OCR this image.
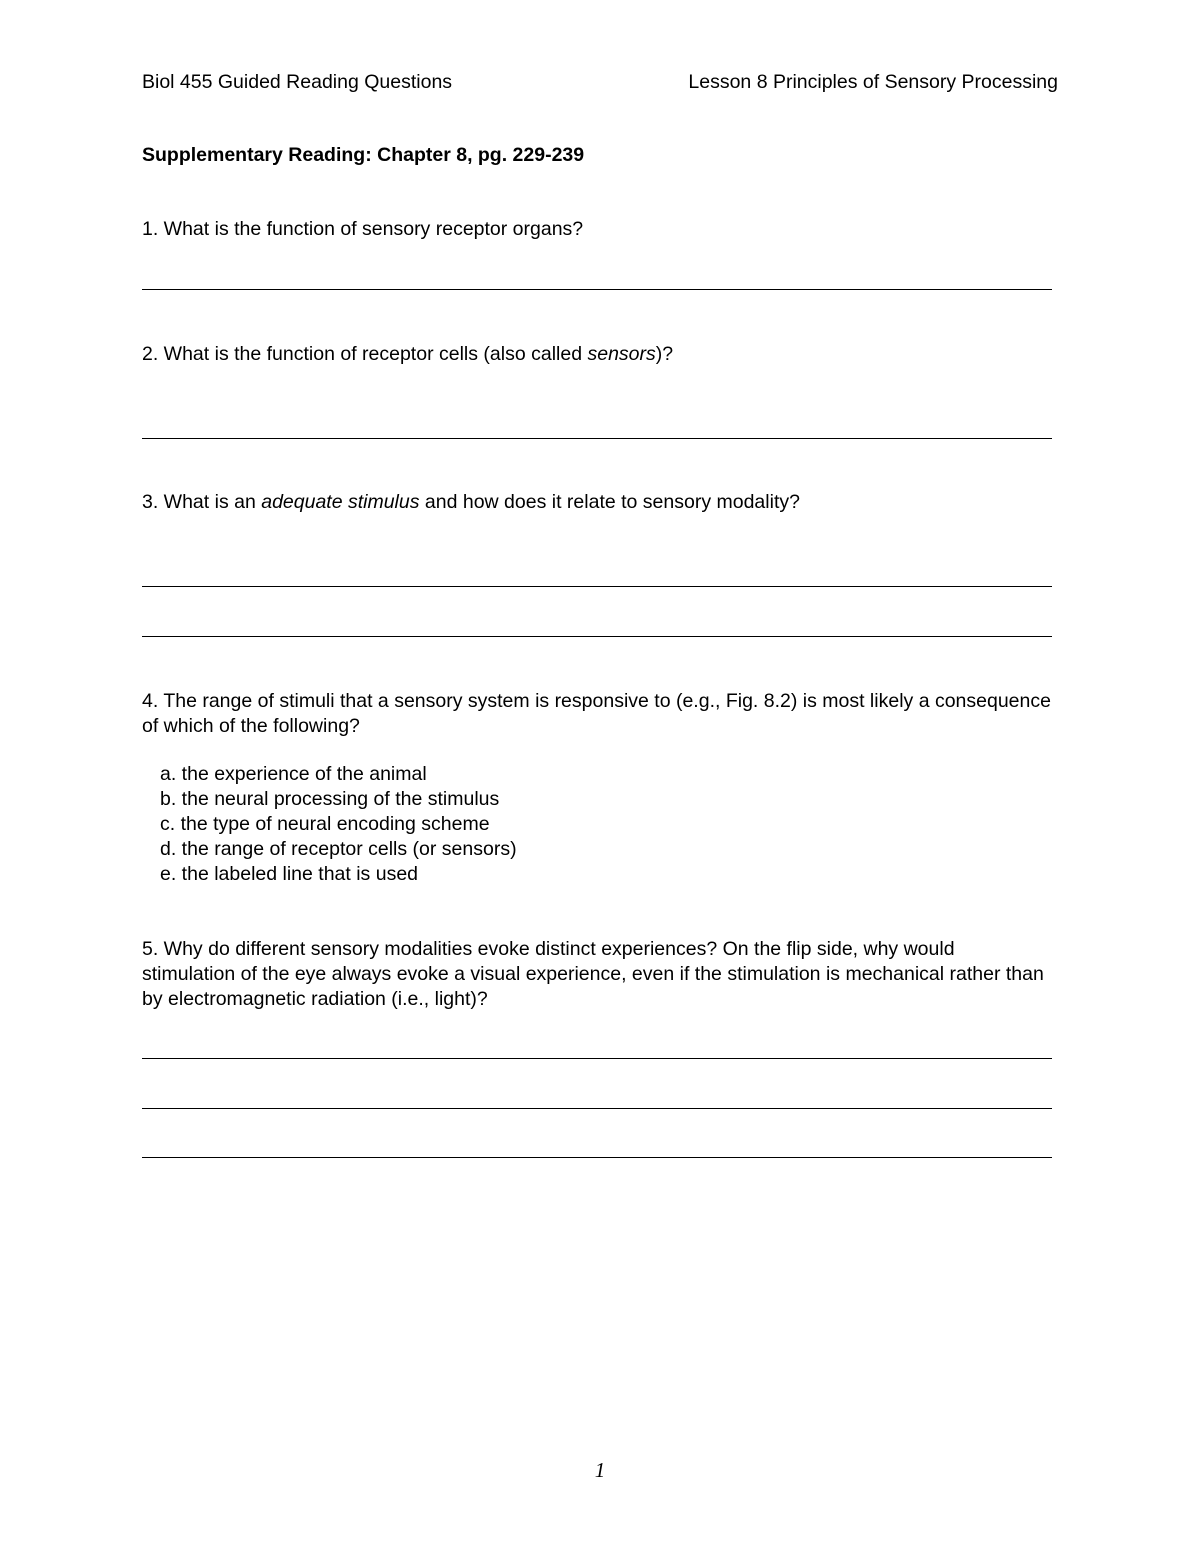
Biol 455 Guided Reading Questions	Lesson 8 Principles of Sensory Processing
Supplementary Reading: Chapter 8, pg. 229-239
1. What is the function of sensory receptor organs?
2. What is the function of receptor cells (also called sensors)?
3. What is an adequate stimulus and how does it relate to sensory modality?
4. The range of stimuli that a sensory system is responsive to (e.g., Fig. 8.2) is most likely a consequence of which of the following?
a. the experience of the animal
b. the neural processing of the stimulus
c. the type of neural encoding scheme
d. the range of receptor cells (or sensors)
e. the labeled line that is used
5. Why do different sensory modalities evoke distinct experiences? On the flip side, why would stimulation of the eye always evoke a visual experience, even if the stimulation is mechanical rather than by electromagnetic radiation (i.e., light)?
1
